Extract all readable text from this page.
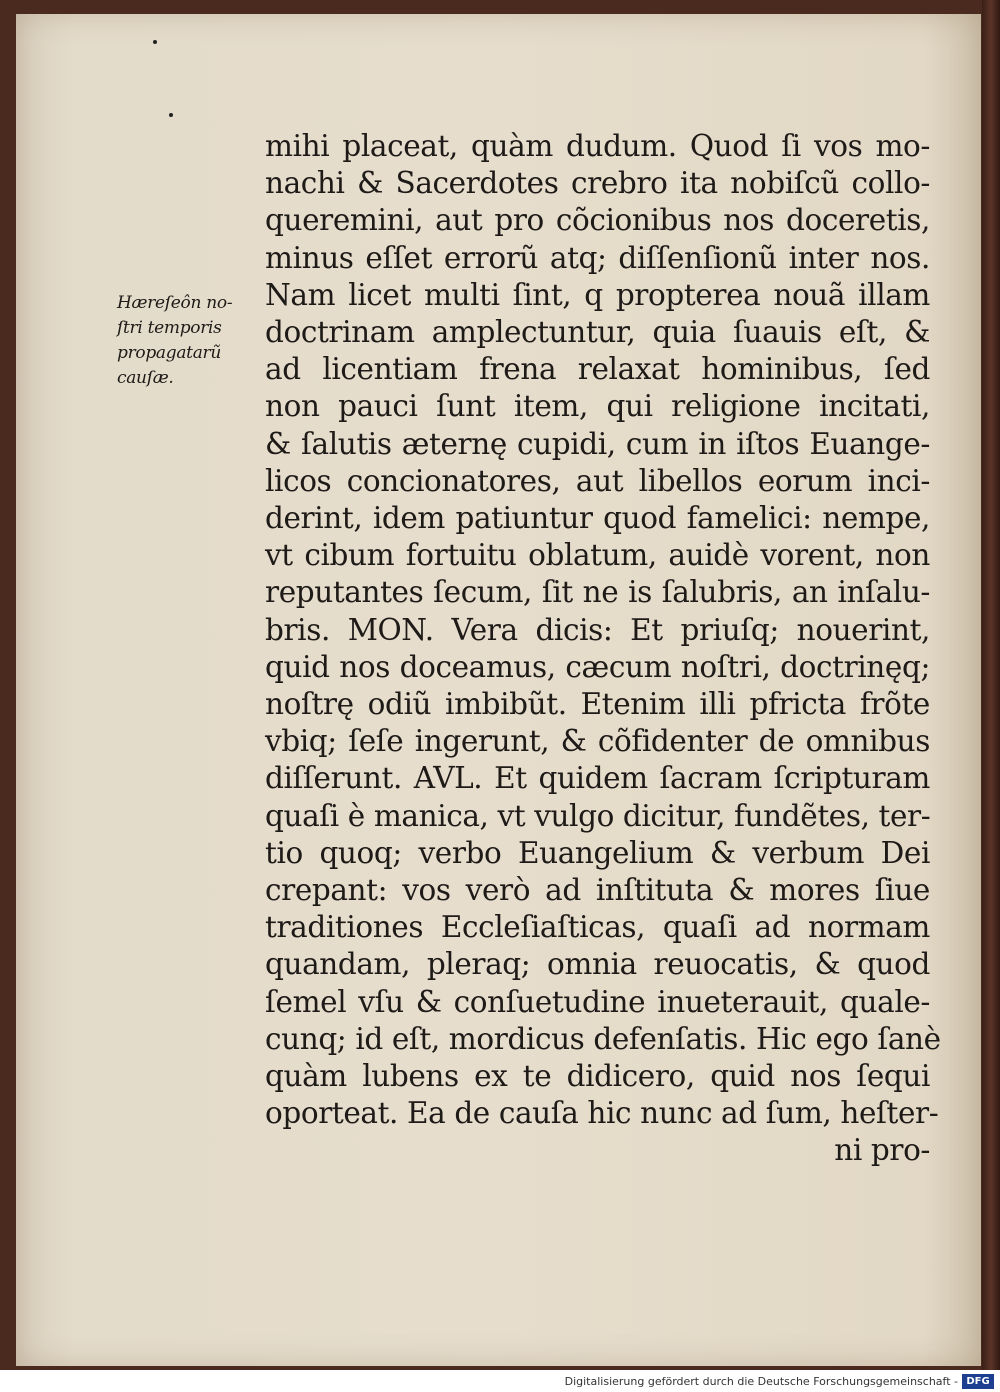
Hæreſeôn no-
ſtri temporis
propagatarũ
cauſæ.
mihi placeat, quàm dudum. Quod ſi vos mo-
nachi & Sacerdotes crebro ita nobiſcũ collo-
queremini, aut pro cõcionibus nos doceretis,
minus eſſet errorũ atq; diſſenſionũ inter nos.
Nam licet multi ſint, q propterea nouã illam
doctrinam amplectuntur, quia ſuauis eſt, &
ad licentiam frena relaxat hominibus, ſed
non pauci ſunt item, qui religione incitati,
& ſalutis æternę cupidi, cum in iſtos Euange-
licos concionatores, aut libellos eorum inci-
derint, idem patiuntur quod famelici: nempe,
vt cibum fortuitu oblatum, auidè vorent, non
reputantes ſecum, ſit ne is ſalubris, an inſalu-
bris. MON. Vera dicis: Et priuſq; nouerint,
quid nos doceamus, cæcum noſtri, doctrinęq;
noſtrę odiũ imbibũt. Etenim illi pfricta frõte
vbiq; ſeſe ingerunt, & cõfidenter de omnibus
diſſerunt. AVL. Et quidem ſacram ſcripturam
quaſi è manica, vt vulgo dicitur, fundẽtes, ter-
tio quoq; verbo Euangelium & verbum Dei
crepant: vos verò ad inſtituta & mores ſiue
traditiones Eccleſiaſticas, quaſi ad normam
quandam, pleraq; omnia reuocatis, & quod
ſemel vſu & conſuetudine inueterauit, quale-
cunq; id eſt, mordicus defenſatis. Hic ego ſanè
quàm lubens ex te didicero, quid nos ſequi
oporteat. Ea de cauſa hic nunc ad ſum, heſter-
ni pro-
Digitalisierung gefördert durch die Deutsche Forschungsgemeinschaft - DFG
